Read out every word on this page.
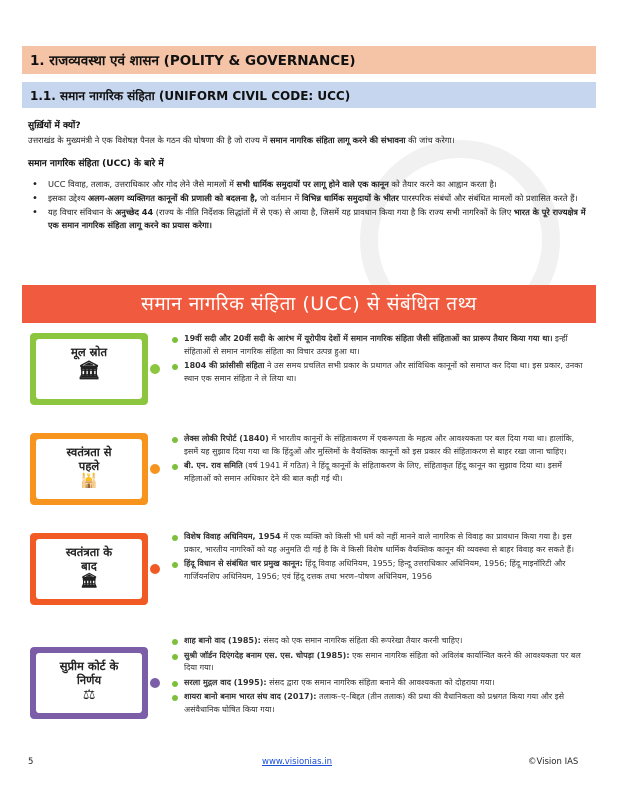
1. राजव्यवस्था एवं शासन (POLITY & GOVERNANCE)
1.1. समान नागरिक संहिता (UNIFORM CIVIL CODE: UCC)
सुर्ख़ियों में क्यों?
उत्तराखंड के मुख्यमंत्री ने एक विशेषज्ञ पैनल के गठन की घोषणा की है जो राज्य में समान नागरिक संहिता लागू करने की संभावना की जांच करेगा।
समान नागरिक संहिता (UCC) के बारे में
• UCC विवाह, तलाक, उत्तराधिकार और गोद लेने जैसे मामलों में सभी धार्मिक समुदायों पर लागू होने वाले एक कानून को तैयार करने का आह्वान करता है।
• इसका उद्देश्य अलग-अलग व्यक्तिगत कानूनों की प्रणाली को बदलना है, जो वर्तमान में विभिन्न धार्मिक समुदायों के भीतर पारस्परिक संबंधों और संबंधित मामलों को प्रशासित करते हैं।
• यह विचार संविधान के अनुच्छेद 44 (राज्य के नीति निर्देशक सिद्धांतों में से एक) से आया है, जिसमें यह प्रावधान किया गया है कि राज्य सभी नागरिकों के लिए भारत के पूरे राज्यक्षेत्र में एक समान नागरिक संहिता लागू करने का प्रयास करेगा।
समान नागरिक संहिता (UCC) से संबंधित तथ्य
मूल स्रोत
🏛
19वीं सदी और 20वीं सदी के आरंभ में यूरोपीय देशों में समान नागरिक संहिता जैसी संहिताओं का प्रारूप तैयार किया गया था। इन्हीं संहिताओं से समान नागरिक संहिता का विचार उत्पन्न हुआ था।
1804 की फ्रांसीसी संहिता ने उस समय प्रचलित सभी प्रकार के प्रथागत और सांविधिक कानूनों को समाप्त कर दिया था। इस प्रकार, उनका स्थान एक समान संहिता ने ले लिया था।
स्वतंत्रता से
पहले
🕌
लेक्स लोकी रिपोर्ट (1840) में भारतीय कानूनों के संहिताकरण में एकरूपता के महत्व और आवश्यकता पर बल दिया गया था। हालांकि, इसमें यह सुझाव दिया गया था कि हिंदुओं और मुस्लिमों के वैयक्तिक कानूनों को इस प्रकार की संहिताकरण से बाहर रखा जाना चाहिए।
बी. एन. राव समिति (वर्ष 1941 में गठित) ने हिंदू कानूनों के संहिताकरण के लिए, संहिताकृत हिंदू कानून का सुझाव दिया था। इसमें महिलाओं को समान अधिकार देने की बात कही गई थी।
स्वतंत्रता के
बाद
🏛
विशेष विवाह अधिनियम, 1954 में एक व्यक्ति को किसी भी धर्म को नहीं मानने वाले नागरिक से विवाह का प्रावधान किया गया है। इस प्रकार, भारतीय नागरिकों को यह अनुमति दी गई है कि वे किसी विशेष धार्मिक वैयक्तिक कानून की व्यवस्था से बाहर विवाह कर सकते हैं।
हिंदू विधान से संबंधित चार प्रमुख कानून: हिंदू विवाह अधिनियम, 1955; हिन्दू उत्तराधिकार अधिनियम, 1956; हिंदू माइनॉरिटी और गार्जियनशिप अधिनियम, 1956; एवं हिंदू दत्तक तथा भरण–पोषण अधिनियम, 1956
सुप्रीम कोर्ट के
निर्णय
⚖
शाह बानो वाद (1985): संसद को एक समान नागरिक संहिता की रूपरेखा तैयार करनी चाहिए।
सुश्री जॉर्डन दिएंगदेह बनाम एस. एस. चोपड़ा (1985): एक समान नागरिक संहिता को अविलंब कार्यान्वित करने की आवश्यकता पर बल दिया गया।
सरला मुद्गल वाद (1995): संसद द्वारा एक समान नागरिक संहिता बनाने की आवश्यकता को दोहराया गया।
शायरा बानो बनाम भारत संघ वाद (2017): तलाक–ए–बिद्दत (तीन तलाक) की प्रथा की वैधानिकता को प्रश्नगत किया गया और इसे असंवैधानिक घोषित किया गया।
5	www.visionias.in	©Vision IAS
